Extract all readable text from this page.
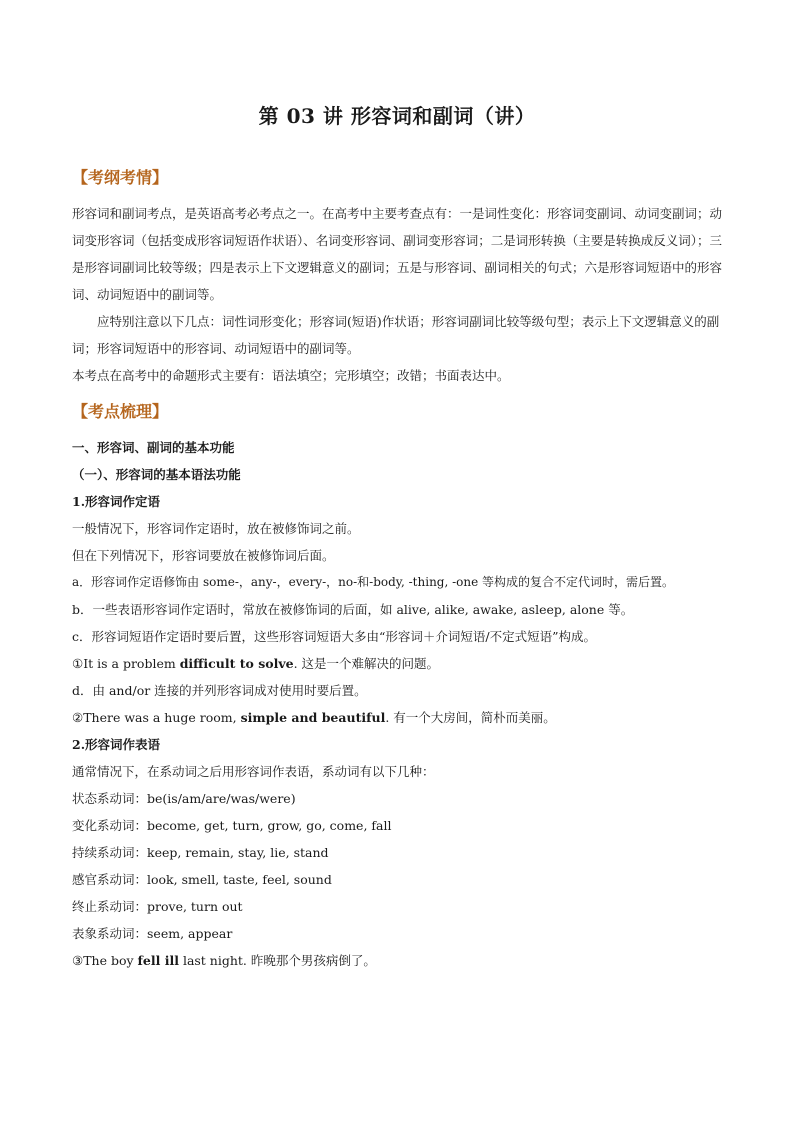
第 03 讲 形容词和副词（讲）
【考纲考情】

形容词和副词考点，是英语高考必考点之一。在高考中主要考查点有：一是词性变化：形容词变副词、动词变副词；动词变形容词（包括变成形容词短语作状语）、名词变形容词、副词变形容词；二是词形转换（主要是转换成反义词）；三是形容词副词比较等级；四是表示上下文逻辑意义的副词；五是与形容词、副词相关的句式；六是形容词短语中的形容词、动词短语中的副词等。

应特别注意以下几点：词性词形变化；形容词(短语)作状语；形容词副词比较等级句型；表示上下文逻辑意义的副词；形容词短语中的形容词、动词短语中的副词等。

本考点在高考中的命题形式主要有：语法填空；完形填空；改错；书面表达中。

【考点梳理】

一、形容词、副词的基本功能

（一）、形容词的基本语法功能

1.形容词作定语

一般情况下，形容词作定语时，放在被修饰词之前。

但在下列情况下，形容词要放在被修饰词后面。

a．形容词作定语修饰由 some-，any-，every-，no-和-body, -thing, -one 等构成的复合不定代词时，需后置。

b．一些表语形容词作定语时，常放在被修饰词的后面，如 alive, alike, awake, asleep, alone 等。

c．形容词短语作定语时要后置，这些形容词短语大多由“形容词＋介词短语/不定式短语”构成。

①It is a problem difficult to solve. 这是一个难解决的问题。

d．由 and/or 连接的并列形容词成对使用时要后置。

②There was a huge room, simple and beautiful. 有一个大房间，简朴而美丽。

2.形容词作表语

通常情况下，在系动词之后用形容词作表语，系动词有以下几种：

状态系动词：be(is/am/are/was/were)

变化系动词：become, get, turn, grow, go, come, fall

持续系动词：keep, remain, stay, lie, stand

感官系动词：look, smell, taste, feel, sound

终止系动词：prove, turn out

表象系动词：seem, appear

③The boy fell ill last night. 昨晚那个男孩病倒了。
